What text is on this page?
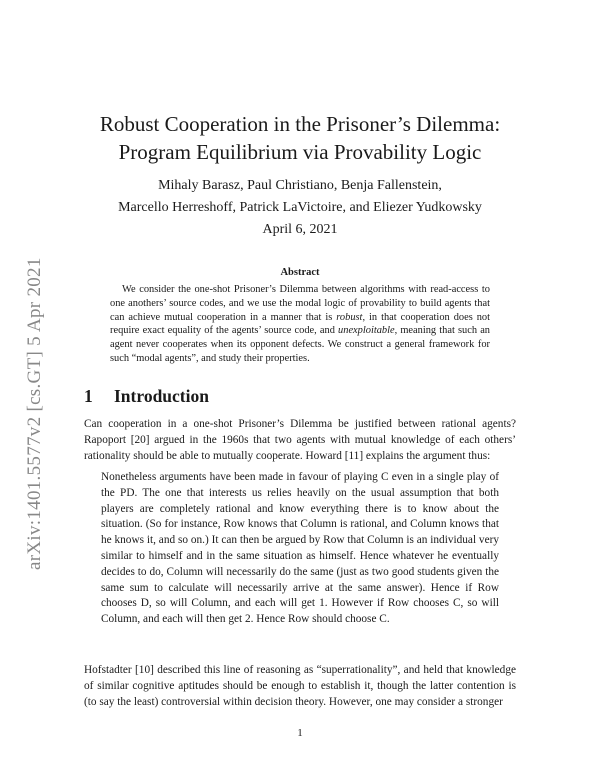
arXiv:1401.5577v2 [cs.GT] 5 Apr 2021
Robust Cooperation in the Prisoner’s Dilemma:
Program Equilibrium via Provability Logic
Mihaly Barasz, Paul Christiano, Benja Fallenstein,
Marcello Herreshoff, Patrick LaVictoire, and Eliezer Yudkowsky
April 6, 2021
Abstract

We consider the one-shot Prisoner’s Dilemma between algorithms with read-access to one anothers’ source codes, and we use the modal logic of provability to build agents that can achieve mutual cooperation in a manner that is robust, in that cooperation does not require exact equality of the agents’ source code, and unexploitable, meaning that such an agent never cooperates when its opponent defects. We construct a general framework for such “modal agents”, and study their properties.

1 Introduction

Can cooperation in a one-shot Prisoner’s Dilemma be justified between rational agents? Rapoport [20] argued in the 1960s that two agents with mutual knowledge of each others’ rationality should be able to mutually cooperate. Howard [11] explains the argument thus:

Nonetheless arguments have been made in favour of playing C even in a single play of the PD. The one that interests us relies heavily on the usual assumption that both players are completely rational and know everything there is to know about the situation. (So for instance, Row knows that Column is rational, and Column knows that he knows it, and so on.) It can then be argued by Row that Column is an individual very similar to himself and in the same situation as himself. Hence whatever he eventually decides to do, Column will necessarily do the same (just as two good students given the same sum to calculate will necessarily arrive at the same answer). Hence if Row chooses D, so will Column, and each will get 1. However if Row chooses C, so will Column, and each will then get 2. Hence Row should choose C.

Hofstadter [10] described this line of reasoning as “superrationality”, and held that knowledge of similar cognitive aptitudes should be enough to establish it, though the latter contention is (to say the least) controversial within decision theory. However, one may consider a stronger

1
